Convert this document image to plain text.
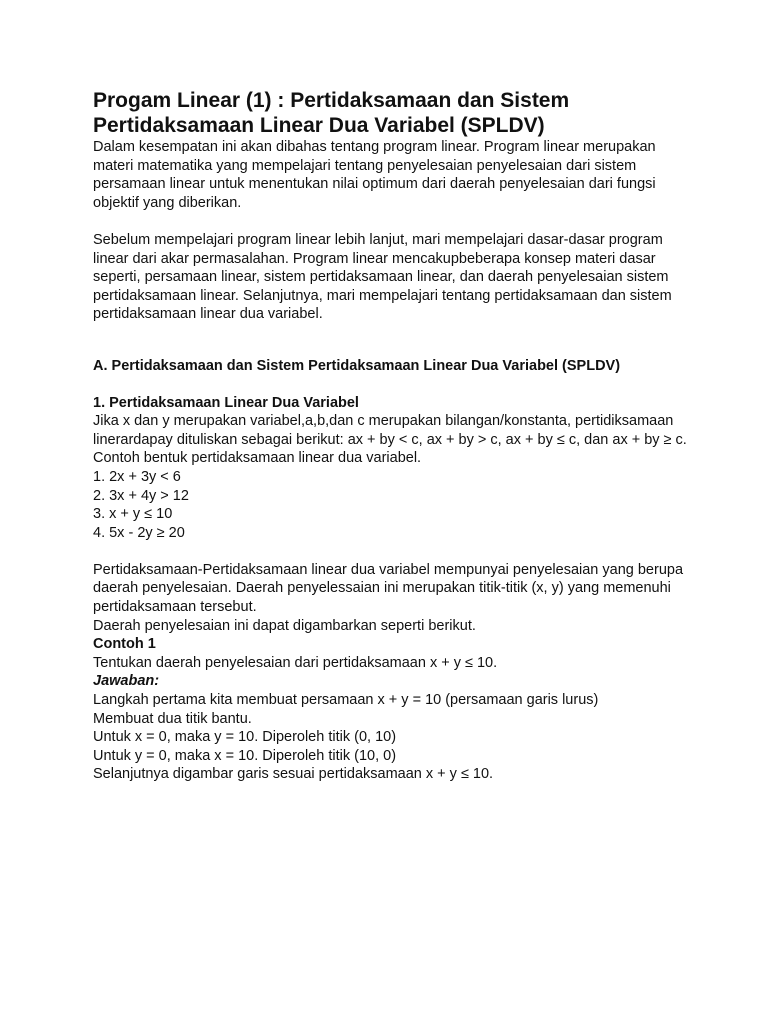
Progam Linear (1) : Pertidaksamaan dan Sistem Pertidaksamaan Linear Dua Variabel (SPLDV)

Dalam kesempatan ini akan dibahas tentang program linear. Program linear merupakan materi matematika yang mempelajari tentang penyelesaian penyelesaian dari sistem persamaan linear untuk menentukan nilai optimum dari daerah penyelesaian dari fungsi objektif yang diberikan.

Sebelum mempelajari program linear lebih lanjut, mari mempelajari dasar-dasar program linear dari akar permasalahan. Program linear mencakupbeberapa konsep materi dasar seperti, persamaan linear, sistem pertidaksamaan linear, dan daerah penyelesaian sistem pertidaksamaan linear. Selanjutnya, mari mempelajari tentang pertidaksamaan dan sistem pertidaksamaan linear dua variabel.

A. Pertidaksamaan dan Sistem Pertidaksamaan Linear Dua Variabel (SPLDV)

1. Pertidaksamaan Linear Dua Variabel

Jika x dan y merupakan variabel,a,b,dan c merupakan bilangan/konstanta, pertidiksamaan linerardapay dituliskan sebagai berikut: ax + by < c, ax + by > c, ax + by ≤ c, dan ax + by ≥ c.

Contoh bentuk pertidaksamaan linear dua variabel.

1. 2x + 3y < 6
2. 3x + 4y > 12
3. x + y ≤ 10
4. 5x - 2y ≥ 20

Pertidaksamaan-Pertidaksamaan linear dua variabel mempunyai penyelesaian yang berupa daerah penyelesaian. Daerah penyelessaian ini merupakan titik-titik (x, y) yang memenuhi pertidaksamaan tersebut.

Daerah penyelesaian ini dapat digambarkan seperti berikut.

Contoh 1

Tentukan daerah penyelesaian dari pertidaksamaan x + y ≤ 10.

Jawaban:

Langkah pertama kita membuat persamaan x + y = 10 (persamaan garis lurus)

Membuat dua titik bantu.

Untuk x = 0, maka y = 10. Diperoleh titik (0, 10)

Untuk y = 0, maka x = 10. Diperoleh titik (10, 0)

Selanjutnya digambar garis sesuai pertidaksamaan x + y ≤ 10.
